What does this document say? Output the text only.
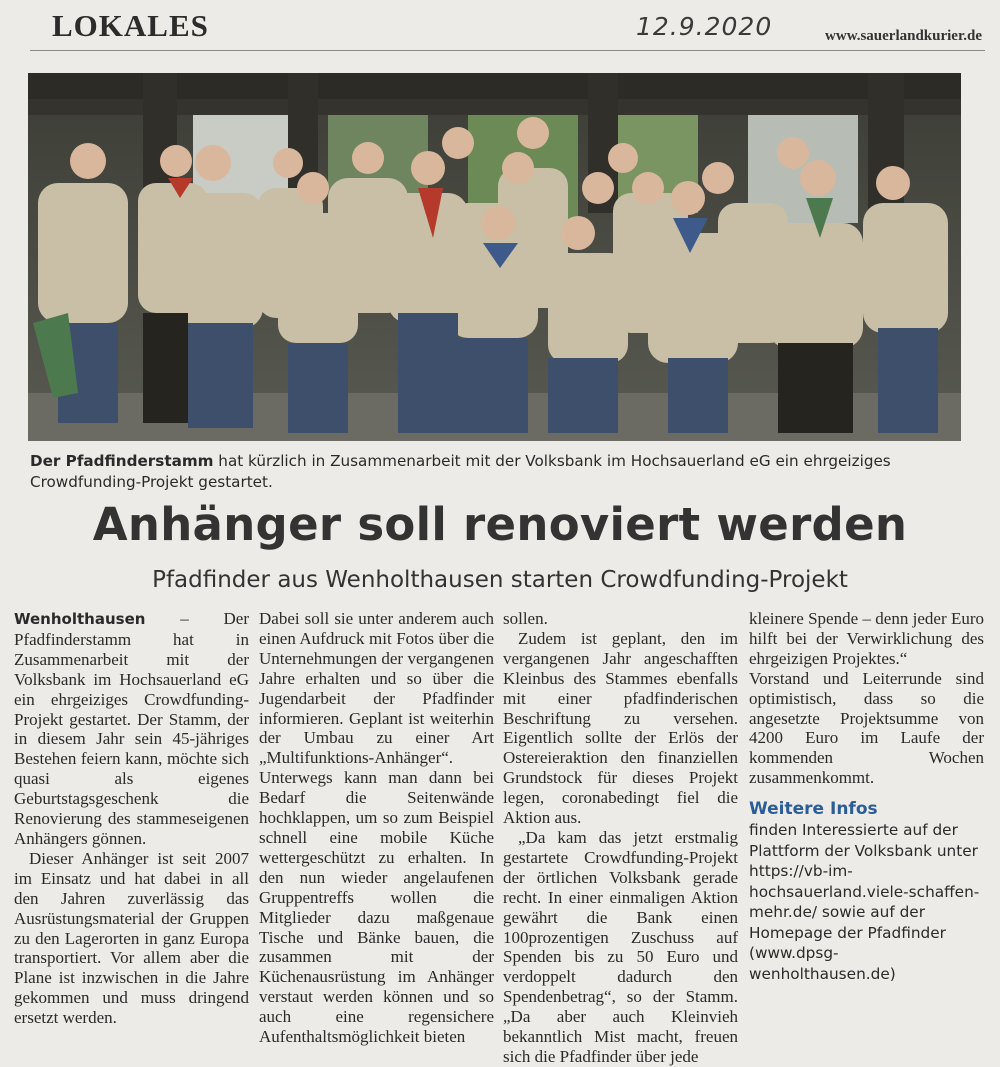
LOKALES	12.9.2020	www.sauerlandkurier.de
Der Pfadfinderstamm hat kürzlich in Zusammenarbeit mit der Volksbank im Hochsauerland eG ein ehrgeiziges Crowdfunding-Projekt gestartet.
Anhänger soll renoviert werden
Pfadfinder aus Wenholthausen starten Crowdfunding-Projekt

Wenholthausen – Der Pfadfinderstamm hat in Zusammenarbeit mit der Volksbank im Hochsauerland eG ein ehrgeiziges Crowdfunding-Projekt gestartet. Der Stamm, der in diesem Jahr sein 45-jähriges Bestehen feiern kann, möchte sich quasi als eigenes Geburtstagsgeschenk die Renovierung des stammeseigenen Anhängers gönnen.

Dieser Anhänger ist seit 2007 im Einsatz und hat dabei in all den Jahren zuverlässig das Ausrüstungsmaterial der Gruppen zu den Lagerorten in ganz Europa transportiert. Vor allem aber die Plane ist inzwischen in die Jahre gekommen und muss dringend ersetzt werden.

Dabei soll sie unter anderem auch einen Aufdruck mit Fotos über die Unternehmungen der vergangenen Jahre erhalten und so über die Jugendarbeit der Pfadfinder informieren. Geplant ist weiterhin der Umbau zu einer Art „Multifunktions-Anhänger“. Unterwegs kann man dann bei Bedarf die Seitenwände hochklappen, um so zum Beispiel schnell eine mobile Küche wettergeschützt zu erhalten. In den nun wieder angelaufenen Gruppentreffs wollen die Mitglieder dazu maßgenaue Tische und Bänke bauen, die zusammen mit der Küchenausrüstung im Anhänger verstaut werden können und so auch eine regensichere Aufenthaltsmöglichkeit bieten

sollen.

Zudem ist geplant, den im vergangenen Jahr angeschafften Kleinbus des Stammes ebenfalls mit einer pfadfinderischen Beschriftung zu versehen. Eigentlich sollte der Erlös der Ostereieraktion den finanziellen Grundstock für dieses Projekt legen, coronabedingt fiel die Aktion aus.

„Da kam das jetzt erstmalig gestartete Crowdfunding-Projekt der örtlichen Volksbank gerade recht. In einer einmaligen Aktion gewährt die Bank einen 100prozentigen Zuschuss auf Spenden bis zu 50 Euro und verdoppelt dadurch den Spendenbetrag“, so der Stamm. „Da aber auch Kleinvieh bekanntlich Mist macht, freuen sich die Pfadfinder über jede

kleinere Spende – denn jeder Euro hilft bei der Verwirklichung des ehrgeizigen Projektes.“

Vorstand und Leiterrunde sind optimistisch, dass so die angesetzte Projektsumme von 4200 Euro im Laufe der kommenden Wochen zusammenkommt.

Weitere Infos

finden Interessierte auf der Plattform der Volksbank unter https://vb-im-hochsauerland.viele-schaffen-mehr.de/ sowie auf der Homepage der Pfadfinder (www.dpsg-wenholthausen.de)
